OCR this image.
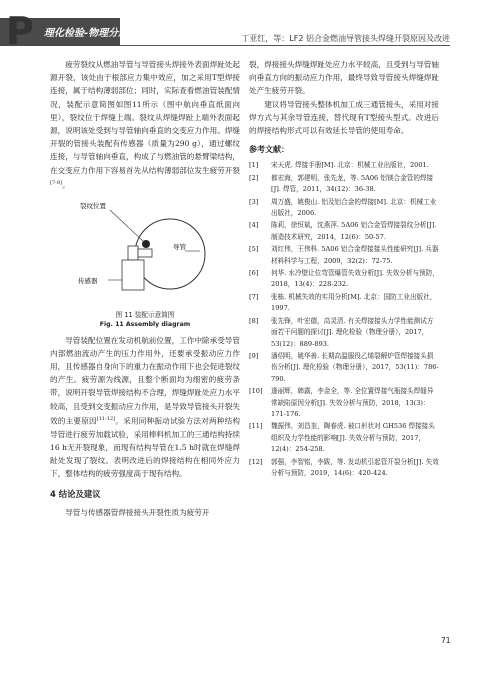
P 理化检验-物理分册	丁亚红，等：LF2 铝合金燃油导管接头焊缝开裂原因及改进

疲劳裂纹从燃油导管与导管接头焊接外表面焊趾处起源开裂，该处由于根部应力集中效应，加之采用T型焊接连接，属于结构薄弱部位；同时，实际查看燃油管装配情况，装配示意简图如图11所示（图中航向垂直纸面向里），裂纹位于焊缝上端。裂纹从焊缝焊趾上端外表面起源，说明该处受到与导管轴向垂直的交变应力作用。焊缝开裂的管接头装配有传感器（质量为290 g），通过螺纹连接，与导管轴向垂直，构成了与燃油管的悬臂梁结构，在交变应力作用下容易首先从结构薄弱部位发生疲劳开裂[7-8]。

裂纹位置
导管
传感器

图 11 装配示意简图

Fig. 11 Assembly diagram

导管装配位置在发动机航前位置，工作中除承受导管内部燃油流动产生的压力作用外，还要承受振动应力作用，且传感器自身向下的重力在振动作用下也会促进裂纹的产生。疲劳源为线源，且整个断面均为细密的疲劳条带，说明开裂导管焊接结构不合理，焊缝焊趾处应力水平较高，且受到交变振动应力作用，是导致导管接头开裂失效的主要原因[11-12]。采用同种振动试验方法对两种结构导管进行疲劳加载试验，采用棒料机加工的三通结构持续16 h无开裂现象，而现有结构导管在1.5 h时就在焊缝焊趾处发现了裂纹。表明改进后的焊接结构在相同外应力下，整体结构的疲劳强度高于现有结构。

4 结论及建议

导管与传感器管焊接接头开裂性质为疲劳开

裂，焊接接头焊缝焊趾处应力水平较高，且受到与导管轴向垂直方向的振动应力作用，最终导致导管接头焊缝焊趾处产生疲劳开裂。

建议将导管接头整体机加工成三通管接头，采用对接焊方式与其余导管连接，替代现有T型接头型式。改进后的焊接结构形式可以有效延长导管的使用寿命。

参考文献：
[1]	宋天虎. 焊接手册[M]. 北京：机械工业出版社，2001.
[2]	都宏海，郭建明，张先龙，等. 5A06 铝镁合金管的焊接[J]. 焊管，2011，34(12)：36-38.
[3]	周万盛，姚俊山. 铝及铝合金的焊接[M]. 北京：机械工业出版社，2006.
[4]	陈莉，徐恒斌，沈燕萍. 5A06 铝合金管焊接裂纹分析[J]. 制造技术研究，2014，12(6)：50-57.
[5]	刘红伟，王伟科. 5A06 铝合金焊接接头性能研究[J]. 兵器材料科学与工程，2009，32(2)：72-75.
[6]	何华. 水冷壁让位弯管爆管失效分析[J]. 失效分析与预防，2018，13(4)：228-232.
[7]	张栋. 机械失效的实用分析[M]. 北京：国防工业出版社，1997.
[8]	张先锋，叶宏德，高灵清. 有关焊接接头力学性能测试方面若干问题的探讨[J]. 理化检验（物理分册），2017，53(12)：889-893.
[9]	潘绍明，姚华善. 长期高温服役乙烯裂解炉管焊接接头损伤分析[J]. 理化检验（物理分册），2017，53(11)：786-790.
[10]	逢丽辉，韩露，李金全，等. 全位置焊接气瓶接头焊缝异常缺陷原因分析[J]. 失效分析与预防，2018，13(3)：171-176.
[11]	魏振伟，刘昌奎，陶春虎. 被口形状对 GH536 焊接接头组织及力学性能的影响[J]. 失效分析与预防，2017，12(4)：254-258.
[12]	郭强，李智铭，李跋，等. 发动机引起管开裂分析[J]. 失效分析与预防，2019，14(6)：420-424.
71
